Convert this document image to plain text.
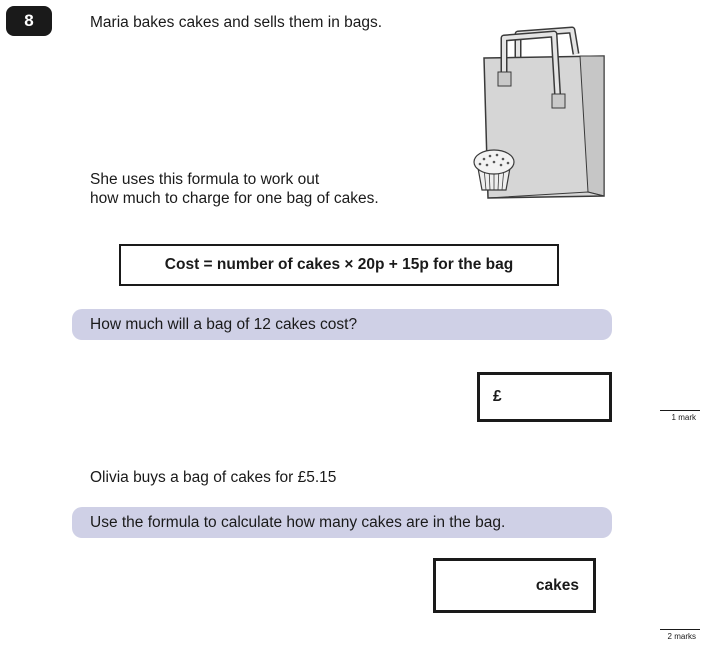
8	Maria bakes cakes and sells them in bags.
She uses this formula to work out
how much to charge for one bag of cakes.
Cost = number of cakes × 20p + 15p for the bag
How much will a bag of 12 cakes cost?
£
1 mark
Olivia buys a bag of cakes for £5.15
Use the formula to calculate how many cakes are in the bag.
cakes
2 marks
